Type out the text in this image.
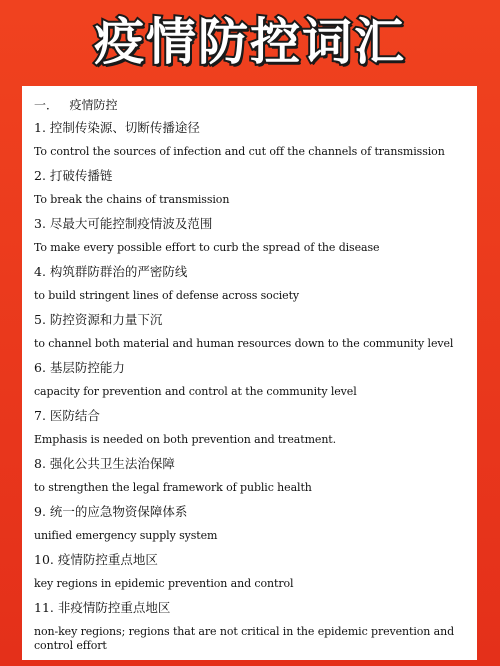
疫情防控词汇
一．   疫情防控
1. 控制传染源、切断传播途径
To control the sources of infection and cut off the channels of transmission
2. 打破传播链
To break the chains of transmission
3. 尽最大可能控制疫情波及范围
To make every possible effort to curb the spread of the disease
4. 构筑群防群治的严密防线
to build stringent lines of defense across society
5. 防控资源和力量下沉
to channel both material and human resources down to the community level
6. 基层防控能力
capacity for prevention and control at the community level
7. 医防结合
Emphasis is needed on both prevention and treatment.
8. 强化公共卫生法治保障
to strengthen the legal framework of public health
9. 统一的应急物资保障体系
unified emergency supply system
10. 疫情防控重点地区
key regions in epidemic prevention and control
11. 非疫情防控重点地区
non-key regions; regions that are not critical in the epidemic prevention and control effort
